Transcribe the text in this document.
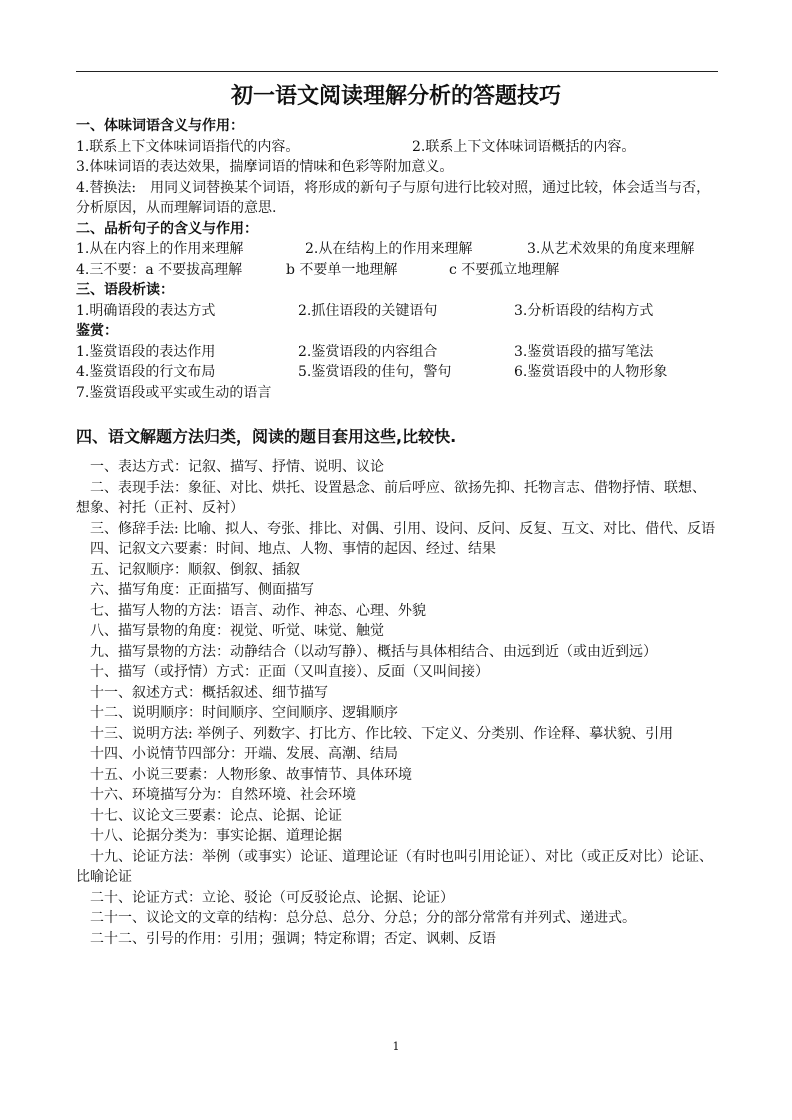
初一语文阅读理解分析的答题技巧
一、体味词语含义与作用：
1.联系上下文体味词语指代的内容。	2.联系上下文体味词语概括的内容。

3.体味词语的表达效果，揣摩词语的情味和色彩等附加意义。

4.替换法:　用同义词替换某个词语，将形成的新句子与原句进行比较对照，通过比较，体会适当与否，分析原因，从而理解词语的意思.

二、品析句子的含义与作用：
1.从在内容上的作用来理解	2.从在结构上的作用来理解	3.从艺术效果的角度来理解
4.三不要：a 不要拔高理解	b 不要单一地理解	c 不要孤立地理解
三、语段析读：
1.明确语段的表达方式	2.抓住语段的关键语句	3.分析语段的结构方式
鉴赏：
1.鉴赏语段的表达作用	2.鉴赏语段的内容组合	3.鉴赏语段的描写笔法
4.鉴赏语段的行文布局	5.鉴赏语段的佳句，警句	6.鉴赏语段中的人物形象

7.鉴赏语段或平实或生动的语言

四、语文解题方法归类，阅读的题目套用这些,比较快.

一、表达方式：记叙、描写、抒情、说明、议论

二、表现手法：象征、对比、烘托、设置悬念、前后呼应、欲扬先抑、托物言志、借物抒情、联想、想象、衬托（正衬、反衬）

三、修辞手法: 比喻、拟人、夸张、排比、对偶、引用、设问、反问、反复、互文、对比、借代、反语

四、记叙文六要素：时间、地点、人物、事情的起因、经过、结果

五、记叙顺序：顺叙、倒叙、插叙

六、描写角度：正面描写、侧面描写

七、描写人物的方法：语言、动作、神态、心理、外貌

八、描写景物的角度：视觉、听觉、味觉、触觉

九、描写景物的方法：动静结合（以动写静）、概括与具体相结合、由远到近（或由近到远）

十、描写（或抒情）方式：正面（又叫直接）、反面（又叫间接）

十一、叙述方式：概括叙述、细节描写

十二、说明顺序：时间顺序、空间顺序、逻辑顺序

十三、说明方法: 举例子、列数字、打比方、作比较、下定义、分类别、作诠释、摹状貌、引用

十四、小说情节四部分：开端、发展、高潮、结局

十五、小说三要素：人物形象、故事情节、具体环境

十六、环境描写分为：自然环境、社会环境

十七、议论文三要素：论点、论据、论证

十八、论据分类为：事实论据、道理论据

十九、论证方法：举例（或事实）论证、道理论证（有时也叫引用论证）、对比（或正反对比）论证、比喻论证

二十、论证方式：立论、驳论（可反驳论点、论据、论证）

二十一、议论文的文章的结构：总分总、总分、分总；分的部分常常有并列式、递进式。

二十二、引号的作用：引用；强调；特定称谓；否定、讽刺、反语

1
